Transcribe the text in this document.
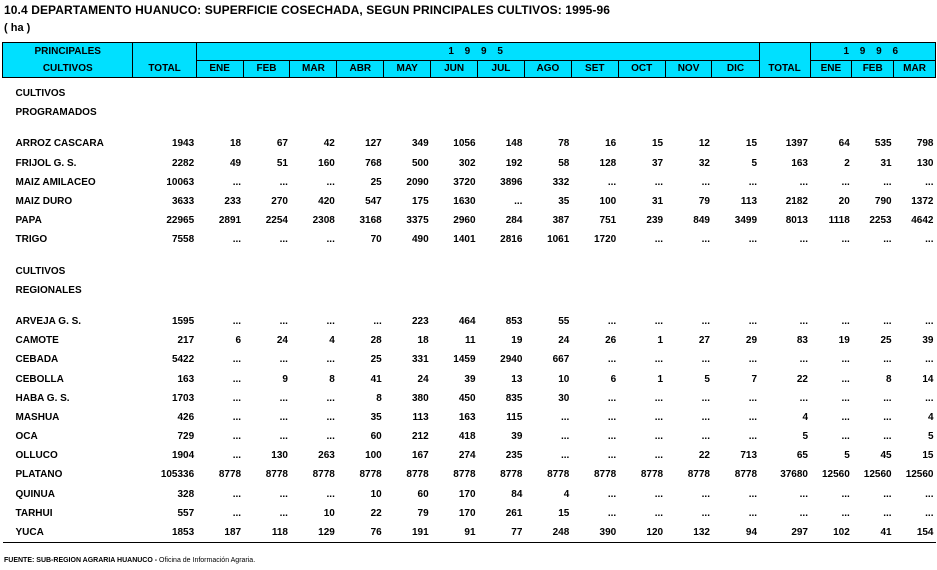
10.4 DEPARTAMENTO HUANUCO: SUPERFICIE COSECHADA, SEGUN PRINCIPALES CULTIVOS: 1995-96
( ha )
PRINCIPALES		1 9 9 5													1 9 9 6		
CULTIVOS	TOTAL	ENE	FEB	MAR	ABR	MAY	JUN	JUL	AGO	SET	OCT	NOV	DIC	TOTAL	ENE	FEB	MAR

CULTIVOS																	
PROGRAMADOS																	

ARROZ CASCARA	1943	18	67	42	127	349	1056	148	78	16	15	12	15	1397	64	535	798
FRIJOL G. S.	2282	49	51	160	768	500	302	192	58	128	37	32	5	163	2	31	130
MAIZ AMILACEO	10063	...	...	...	25	2090	3720	3896	332	...	...	...	...	...	...	...	...
MAIZ DURO	3633	233	270	420	547	175	1630	...	35	100	31	79	113	2182	20	790	1372
PAPA	22965	2891	2254	2308	3168	3375	2960	284	387	751	239	849	3499	8013	1118	2253	4642
TRIGO	7558	...	...	...	70	490	1401	2816	1061	1720	...	...	...	...	...	...	...

CULTIVOS																	
REGIONALES																	

ARVEJA G. S.	1595	...	...	...	...	223	464	853	55	...	...	...	...	...	...	...	...
CAMOTE	217	6	24	4	28	18	11	19	24	26	1	27	29	83	19	25	39
CEBADA	5422	...	...	...	25	331	1459	2940	667	...	...	...	...	...	...	...	...
CEBOLLA	163	...	9	8	41	24	39	13	10	6	1	5	7	22	...	8	14
HABA G. S.	1703	...	...	...	8	380	450	835	30	...	...	...	...	...	...	...	...
MASHUA	426	...	...	...	35	113	163	115	...	...	...	...	...	4	...	...	4
OCA	729	...	...	...	60	212	418	39	...	...	...	...	...	5	...	...	5
OLLUCO	1904	...	130	263	100	167	274	235	...	...	...	22	713	65	5	45	15
PLATANO	105336	8778	8778	8778	8778	8778	8778	8778	8778	8778	8778	8778	8778	37680	12560	12560	12560
QUINUA	328	...	...	...	10	60	170	84	4	...	...	...	...	...	...	...	...
TARHUI	557	...	...	10	22	79	170	261	15	...	...	...	...	...	...	...	...
YUCA	1853	187	118	129	76	191	91	77	248	390	120	132	94	297	102	41	154
FUENTE: SUB-REGION AGRARIA HUANUCO - Oficina de Información Agraria.
